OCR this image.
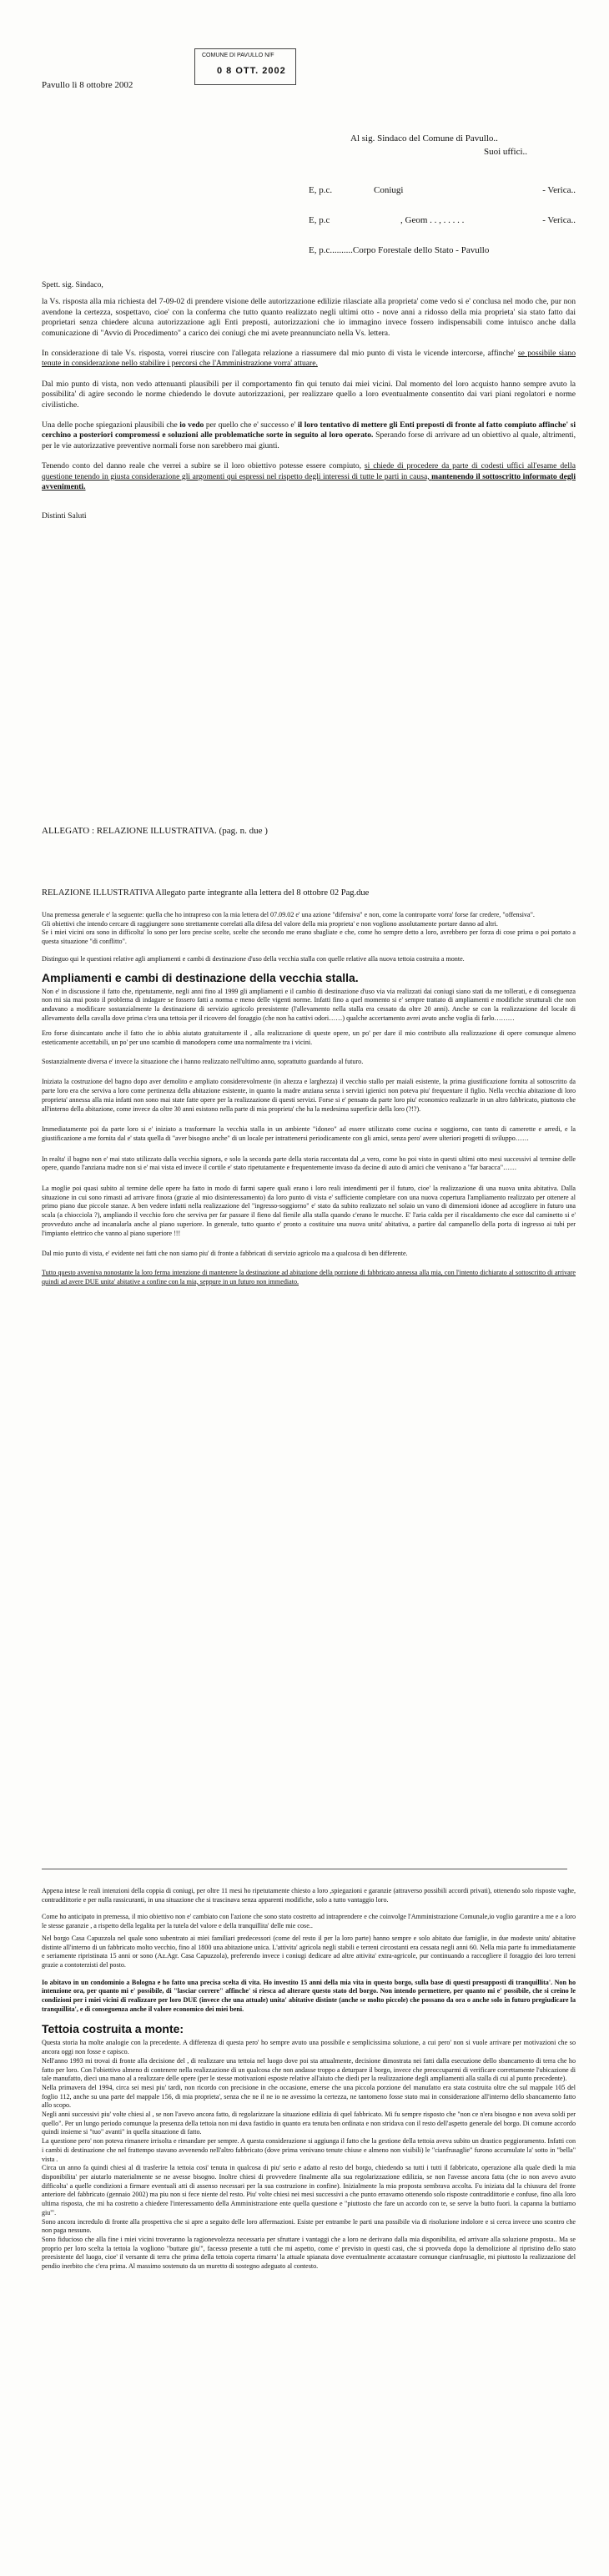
Pavullo lì 8 ottobre 2002
COMUNE DI PAVULLO N/F
0 8 OTT. 2002
Al sig. Sindaco del Comune di Pavullo..
Suoi uffici..
E, p.c.	Coniugi	- Verica..
E, p.c	, Geom . . , . . . . .	- Verica..
E, p.c..........Corpo Forestale dello Stato - Pavullo

Spett. sig. Sindaco,

la Vs. risposta alla mia richiesta del 7-09-02 di prendere visione delle autorizzazione edilizie rilasciate alla proprieta' come vedo si e' conclusa nel modo che, pur non avendone la certezza, sospettavo, cioe' con la conferma che tutto quanto realizzato negli ultimi otto - nove anni a ridosso della mia proprieta' sia stato fatto dai proprietari senza chiedere alcuna autorizzazione agli Enti preposti, autorizzazioni che io immagino invece fossero indispensabili come intuisco anche dalla comunicazione di "Avvio di Procedimento" a carico dei coniugi che mi avete preannunciato nella Vs. lettera.

In considerazione di tale Vs. risposta, vorrei riuscire con l'allegata relazione a riassumere dal mio punto di vista le vicende intercorse, affinche' se possibile siano tenute in considerazione nello stabilire i percorsi che l'Amministrazione vorra' attuare.

Dal mio punto di vista, non vedo attenuanti plausibili per il comportamento fin qui tenuto dai miei vicini. Dal momento del loro acquisto hanno sempre avuto la possibilita' di agire secondo le norme chiedendo le dovute autorizzazioni, per realizzare quello a loro eventualmente consentito dai vari piani regolatori e norme civilistiche.

Una delle poche spiegazioni plausibili che io vedo per quello che e' successo e' il loro tentativo di mettere gli Enti preposti di fronte al fatto compiuto affinche' si cerchino a posteriori compromessi e soluzioni alle problematiche sorte in seguito al loro operato. Sperando forse di arrivare ad un obiettivo al quale, altrimenti, per le vie autorizzative preventive normali forse non sarebbero mai giunti.

Tenendo conto del danno reale che verrei a subire se il loro obiettivo potesse essere compiuto, si chiede di procedere da parte di codesti uffici all'esame della questione tenendo in giusta considerazione gli argomenti qui espressi nel rispetto degli interessi di tutte le parti in causa, mantenendo il sottoscritto informato degli avvenimenti.

Distinti Saluti

ALLEGATO : RELAZIONE ILLUSTRATIVA. (pag. n. due )
RELAZIONE ILLUSTRATIVA Allegato parte integrante alla lettera del 8 ottobre 02 Pag.due

Una premessa generale e' la seguente: quella che ho intrapreso con la mia lettera del 07.09.02 e' una azione "difensiva" e non, come la controparte vorra' forse far credere, "offensiva".

Gli obiettivi che intendo cercare di raggiungere sono strettamente correlati alla difesa del valore della mia proprieta' e non vogliono assolutamente portare danno ad altri.

Se i miei vicini ora sono in difficolta' lo sono per loro precise scelte, scelte che secondo me erano sbagliate e che, come ho sempre detto a loro, avrebbero per forza di cose prima o poi portato a questa situazione "di conflitto".

Distinguo qui le questioni relative agli ampliamenti e cambi di destinazione d'uso della vecchia stalla con quelle relative alla nuova tettoia costruita a monte.

Ampliamenti e cambi di destinazione della vecchia stalla.

Non e' in discussione il fatto che, ripetutamente, negli anni fino al 1999 gli ampliamenti e il cambio di destinazione d'uso via via realizzati dai coniugi siano stati da me tollerati, e di conseguenza non mi sia mai posto il problema di indagare se fossero fatti a norma e meno delle vigenti norme. Infatti fino a quel momento si e' sempre trattato di ampliamenti e modifiche strutturali che non andavano a modificare sostanzialmente la destinazione di servizio agricolo preesistente (l'allevamento nella stalla era cessato da oltre 20 anni). Anche se con la realizzazione del locale di allevamento della cavalla dove prima c'era una tettoia per il ricovero del foraggio (che non ha cattivi odori……) qualche accertamento avrei avuto anche voglia di farlo………

Ero forse disincantato anche il fatto che io abbia aiutato gratuitamente il , alla realizzazione di queste opere, un po' per dare il mio contributo alla realizzazione di opere comunque almeno esteticamente accettabili, un po' per uno scambio di manodopera come una normalmente tra i vicini.

Sostanzialmente diversa e' invece la situazione che i hanno realizzato nell'ultimo anno, soprattutto guardando al futuro.

Iniziata la costruzione del bagno dopo aver demolito e ampliato considerevolmente (in altezza e larghezza) il vecchio stallo per maiali esistente, la prima giustificazione fornita al sottoscritto da parte loro era che serviva a loro come pertinenza della abitazione esistente, in quanto la madre anziana senza i servizi igienici non poteva piu' frequentare il figlio. Nella vecchia abitazione di loro proprieta' annessa alla mia infatti non sono mai state fatte opere per la realizzazione di questi servizi. Forse si e' pensato da parte loro piu' economico realizzarle in un altro fabbricato, piuttosto che all'interno della abitazione, come invece da oltre 30 anni esistono nella parte di mia proprieta' che ha la medesima superficie della loro (?!?).

Immediatamente poi da parte loro si e' iniziato a trasformare la vecchia stalla in un ambiente "idoneo" ad essere utilizzato come cucina e soggiorno, con tanto di camerette e arredi, e la giustificazione a me fornita dal e' stata quella di "aver bisogno anche" di un locale per intrattenersi periodicamente con gli amici, senza pero' avere ulteriori progetti di sviluppo……

In realta' il bagno non e' mai stato utilizzato dalla vecchia signora, e solo la seconda parte della storia raccontata dal ,a vero, come ho poi visto in questi ultimi otto mesi successivi al termine delle opere, quando l'anziana madre non si e' mai vista ed invece il cortile e' stato ripetutamente e frequentemente invaso da decine di auto di amici che venivano a "far baracca"……

La moglie poi quasi subito al termine delle opere ha fatto in modo di farmi sapere quali erano i loro reali intendimenti per il futuro, cioe' la realizzazione di una nuova unita abitativa. Dalla situazione in cui sono rimasti ad arrivare finora (grazie al mio disinteressamento) da loro punto di vista e' sufficiente completare con una nuova copertura l'ampliamento realizzato per ottenere al primo piano due piccole stanze. A ben vedere infatti nella realizzazione del "ingresso-soggiorno" e' stato da subito realizzato nel solaio un vano di dimensioni idonee ad accogliere in futuro una scala (a chiocciola ?), ampliando il vecchio foro che serviva per far passare il fieno dal fienile alla stalla quando c'erano le mucche. E' l'aria calda per il riscaldamento che esce dal caminetto si e' provveduto anche ad incanalarla anche al piano superiore. In generale, tutto quanto e' pronto a costituire una nuova unita' abitativa, a partire dal campanello della porta di ingresso ai tubi per l'impianto elettrico che vanno al piano superiore !!!

Dal mio punto di vista, e' evidente nei fatti che non siamo piu' di fronte a fabbricati di servizio agricolo ma a qualcosa di ben differente.

Tutto questo avveniva nonostante la loro ferma intenzione di mantenere la destinazione ad abitazione della porzione di fabbricato annessa alla mia, con l'intento dichiarato al sottoscritto di arrivare quindi ad avere DUE unita' abitative a confine con la mia, seppure in un futuro non immediato.

Appena intese le reali intenzioni della coppia di coniugi, per oltre 11 mesi ho ripetutamente chiesto a loro ,spiegazioni e garanzie (attraverso possibili accordi privati), ottenendo solo risposte vaghe, contraddittorie e per nulla rassicuranti, in una situazione che si trascinava senza apparenti modifiche, solo a tutto vantaggio loro.

Come ho anticipato in premessa, il mio obiettivo non e' cambiato con l'azione che sono stato costretto ad intraprendere e che coinvolge l'Amministrazione Comunale,io voglio garantire a me e a loro le stesse garanzie , a rispetto della legalita per la tutela del valore e della tranquillita' delle mie cose..

Nel borgo Casa Capuzzola nel quale sono subentrato ai miei familiari predecessori (come del resto il per la loro parte) hanno sempre e solo abitato due famiglie, in due modeste unita' abitative distinte all'interno di un fabbricato molto vecchio, fino al 1800 una abitazione unica. L'attivita' agricola negli stabili e terreni circostanti era cessata negli anni 60. Nella mia parte fu immediatamente e seriamente ripristinata 15 anni or sono (Az.Agr. Casa Capuzzola), preferendo invece i coniugi dedicare ad altre attivita' extra-agricole, pur continuando a raccogliere il foraggio dei loro terreni grazie a contoterzisti del posto.

Io abitavo in un condominio a Bologna e ho fatto una precisa scelta di vita. Ho investito 15 anni della mia vita in questo borgo, sulla base di questi presupposti di tranquillita'. Non ho intenzione ora, per quanto mi e' possibile, di "lasciar correre" affinche' si riesca ad alterare questo stato del borgo. Non intendo permettere, per quanto mi e' possibile, che si creino le condizioni per i miei vicini di realizzare per loro DUE (invece che una attuale) unita' abitative distinte (anche se molto piccole) che possano da ora o anche solo in futuro pregiudicare la tranquillita', e di conseguenza anche il valore economico dei miei beni.

Tettoia costruita a monte:

Questa storia ha molte analogie con la precedente. A differenza di questa pero' ho sempre avuto una possibile e semplicissima soluzione, a cui pero' non si vuole arrivare per motivazioni che so ancora oggi non fosse e capisco.

Nell'anno 1993 mi trovai di fronte alla decisione del , di realizzare una tettoia nel luogo dove poi sta attualmente, decisione dimostrata nei fatti dalla esecuzione dello sbancamento di terra che ho fatto per loro. Con l'obiettivo almeno di contenere nella realizzazione di un qualcosa che non andasse troppo a deturpare il borgo, invece che preoccuparmi di verificare correttamente l'ubicazione di tale manufatto, dieci una mano al a realizzare delle opere (per le stesse motivazioni esposte relative all'aiuto che diedi per la realizzazione degli ampliamenti alla stalla di cui al punto precedente).

Nella primavera del 1994, circa sei mesi piu' tardi, non ricordo con precisione in che occasione, emerse che una piccola porzione del manufatto era stata costruita oltre che sul mappale 105 del foglio 112, anche su una parte del mappale 156, di mia proprieta', senza che ne il ne io ne avessimo la certezza, ne tantomeno fosse stato mai in considerazione all'interno dello sbancamento fatto allo scopo.

Negli anni successivi piu' volte chiesi al , se non l'avevo ancora fatto, di regolarizzare la situazione edilizia di quel fabbricato. Mi fu sempre risposto che "non ce n'era bisogno e non aveva soldi per quello". Per un lungo periodo comunque la presenza della tettoia non mi dava fastidio in quanto era tenuta ben ordinata e non stridava con il resto dell'aspetto generale del borgo. Di comune accordo quindi insieme si "tuo" avanti" in quella situazione di fatto.

La questione pero' non poteva rimanere irrisolta e rimandare per sempre. A questa considerazione si aggiunga il fatto che la gestione della tettoia aveva subito un drastico peggioramento. Infatti con i cambi di destinazione che nel frattempo stavano avvenendo nell'altro fabbricato (dove prima venivano tenute chiuse e almeno non visibili) le "cianfrusaglie" furono accumulate la' sotto in "bella" vista .

Circa un anno fa quindi chiesi al di trasferire la tettoia cosi' tenuta in qualcosa di piu' serio e adatto al resto del borgo, chiedendo sa tutti i tutti il fabbricato, operazione alla quale diedi la mia disponibilita' per aiutarlo materialmente se ne avesse bisogno. Inoltre chiesi di provvedere finalmente alla sua regolarizzazione edilizia, se non l'avesse ancora fatta (che io non avevo avuto difficolta' a quelle condizioni a firmare eventuali atti di assenso necessari per la sua costruzione in confine). Inizialmente la mia proposta sembrava accolta. Fu iniziata dal la chiusura del fronte anteriore del fabbricato (gennaio 2002) ma piu non si fece niente del resto. Piu' volte chiesi nei mesi successivi a che punto erravamo ottenendo solo risposte contraddittorie e confuse, fino alla loro ultima risposta, che mi ha costretto a chiedere l'interessamento della Amministrazione ente quella questione e "piuttosto che fare un accordo con te, se serve la butto fuori. la capanna la buttiamo giu'".

Sono ancora incredulo di fronte alla prospettiva che si apre a seguito delle loro affermazioni. Esiste per entrambe le parti una possibile via di risoluzione indolore e si cerca invece uno scontro che non paga nessuno.

Sono fiducioso che alla fine i miei vicini troveranno la ragionevolezza necessaria per sfruttare i vantaggi che a loro ne derivano dalla mia disponibilita, ed arrivare alla soluzione proposta.. Ma se proprio per loro scelta la tettoia la vogliono "buttare giu'", facesso presente a tutti che mi aspetto, come e' previsto in questi casi, che si provveda dopo la demolizione al ripristino dello stato preesistente del luogo, cioe' il versante di terra che prima della tettoia coperta rimarra' la attuale spianata dove eventualmente accatastare comunque cianfrusaglie, mi piuttosto la realizzazione del pendio inerbito che c'era prima. Al massimo sostenuto da un muretto di sostegno adeguato al contesto.
